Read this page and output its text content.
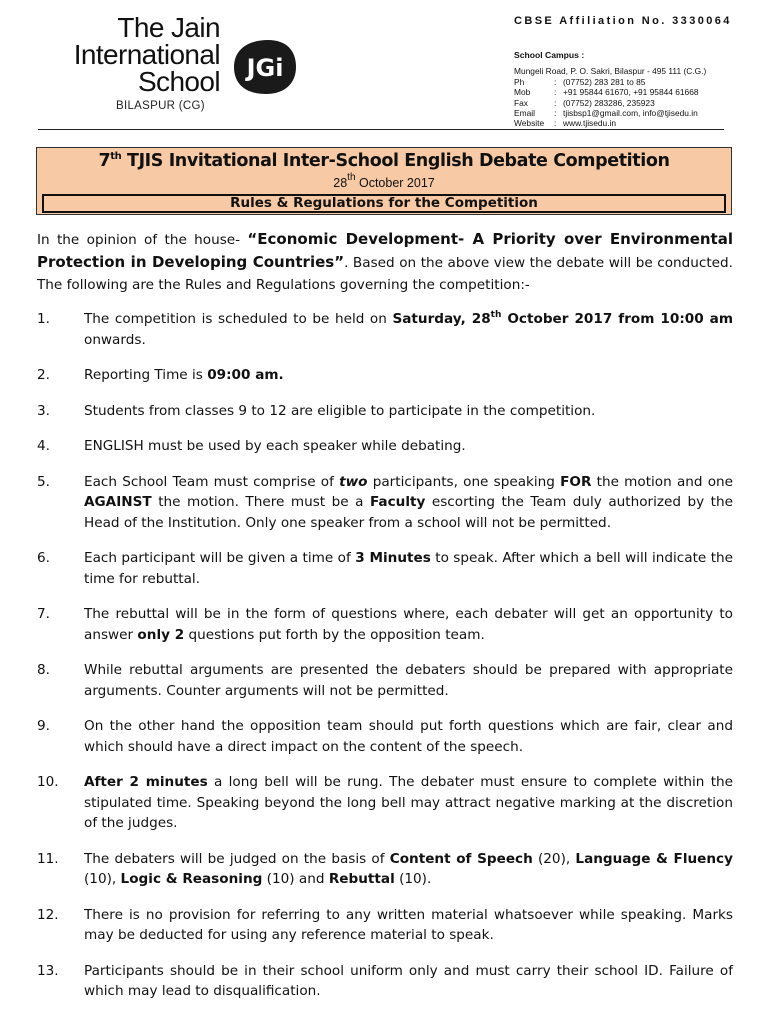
The Jain
International
School
BILASPUR (CG)
JGi
CBSE Affiliation No. 3330064
School Campus :
Mungeli Road, P. O. Sakri, Bilaspur - 495 111 (C.G.)
Ph	: (07752) 283 281 to 85
Mob	: +91 95844 61670, +91 95844 61668
Fax	: (07752) 283286, 235923
Email	: tjisbsp1@gmail.com, info@tjisedu.in
Website	: www.tjisedu.in
7th TJIS Invitational Inter-School English Debate Competition
28th October 2017
Rules & Regulations for the Competition

In the opinion of the house- “Economic Development- A Priority over Environmental Protection in Developing Countries”. Based on the above view the debate will be conducted. The following are the Rules and Regulations governing the competition:-

1.	The competition is scheduled to be held on Saturday, 28th October 2017 from 10:00 am onwards.
2.	Reporting Time is 09:00 am.
3.	Students from classes 9 to 12 are eligible to participate in the competition.
4.	ENGLISH must be used by each speaker while debating.
5.	Each School Team must comprise of two participants, one speaking FOR the motion and one AGAINST the motion. There must be a Faculty escorting the Team duly authorized by the Head of the Institution. Only one speaker from a school will not be permitted.
6.	Each participant will be given a time of 3 Minutes to speak. After which a bell will indicate the time for rebuttal.
7.	The rebuttal will be in the form of questions where, each debater will get an opportunity to answer only 2 questions put forth by the opposition team.
8.	While rebuttal arguments are presented the debaters should be prepared with appropriate arguments. Counter arguments will not be permitted.
9.	On the other hand the opposition team should put forth questions which are fair, clear and which should have a direct impact on the content of the speech.
10.	After 2 minutes a long bell will be rung. The debater must ensure to complete within the stipulated time. Speaking beyond the long bell may attract negative marking at the discretion of the judges.
11.	The debaters will be judged on the basis of Content of Speech (20), Language & Fluency (10), Logic & Reasoning (10) and Rebuttal (10).
12.	There is no provision for referring to any written material whatsoever while speaking. Marks may be deducted for using any reference material to speak.
13.	Participants should be in their school uniform only and must carry their school ID. Failure of which may lead to disqualification.
